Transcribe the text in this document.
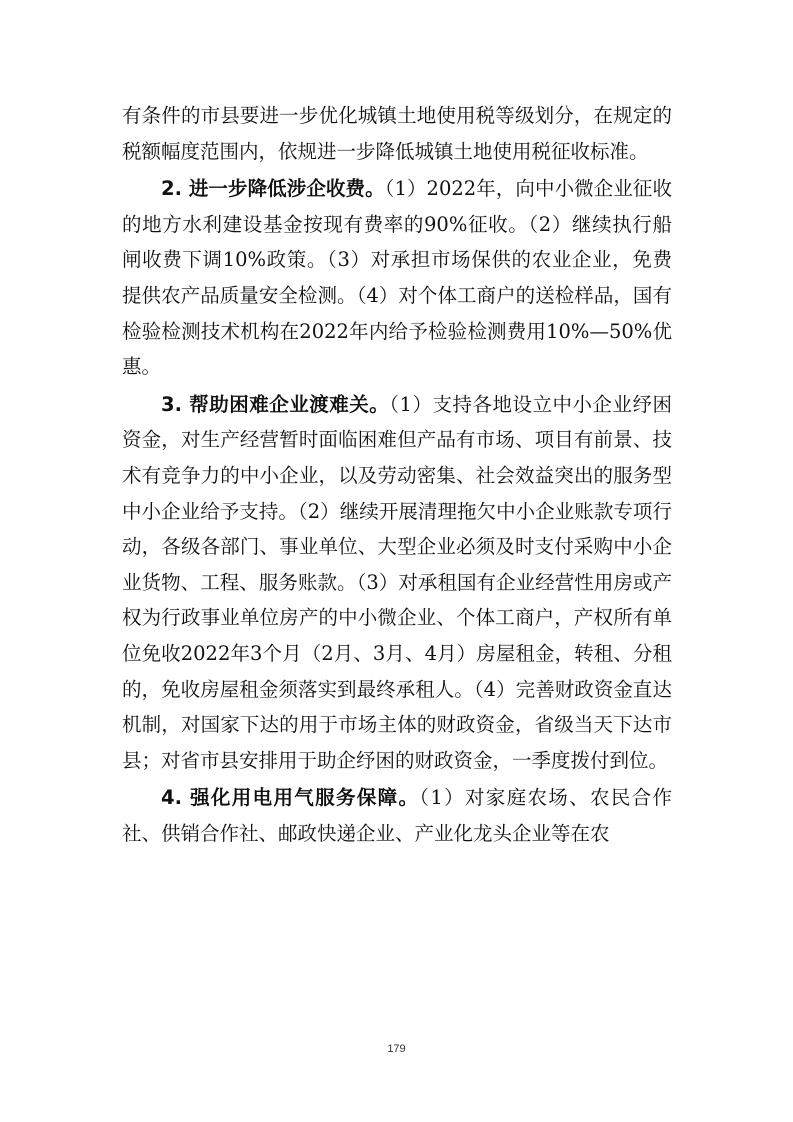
有条件的市县要进一步优化城镇土地使用税等级划分，在规定的税额幅度范围内，依规进一步降低城镇土地使用税征收标准。

2. 进一步降低涉企收费。（1）2022年，向中小微企业征收的地方水利建设基金按现有费率的90%征收。（2）继续执行船闸收费下调10%政策。（3）对承担市场保供的农业企业，免费提供农产品质量安全检测。（4）对个体工商户的送检样品，国有检验检测技术机构在2022年内给予检验检测费用10%—50%优惠。

3. 帮助困难企业渡难关。（1）支持各地设立中小企业纾困资金，对生产经营暂时面临困难但产品有市场、项目有前景、技术有竞争力的中小企业，以及劳动密集、社会效益突出的服务型中小企业给予支持。（2）继续开展清理拖欠中小企业账款专项行动，各级各部门、事业单位、大型企业必须及时支付采购中小企业货物、工程、服务账款。（3）对承租国有企业经营性用房或产权为行政事业单位房产的中小微企业、个体工商户，产权所有单位免收2022年3个月（2月、3月、4月）房屋租金，转租、分租的，免收房屋租金须落实到最终承租人。（4）完善财政资金直达机制，对国家下达的用于市场主体的财政资金，省级当天下达市县；对省市县安排用于助企纾困的财政资金，一季度拨付到位。

4. 强化用电用气服务保障。（1）对家庭农场、农民合作社、供销合作社、邮政快递企业、产业化龙头企业等在农

179
